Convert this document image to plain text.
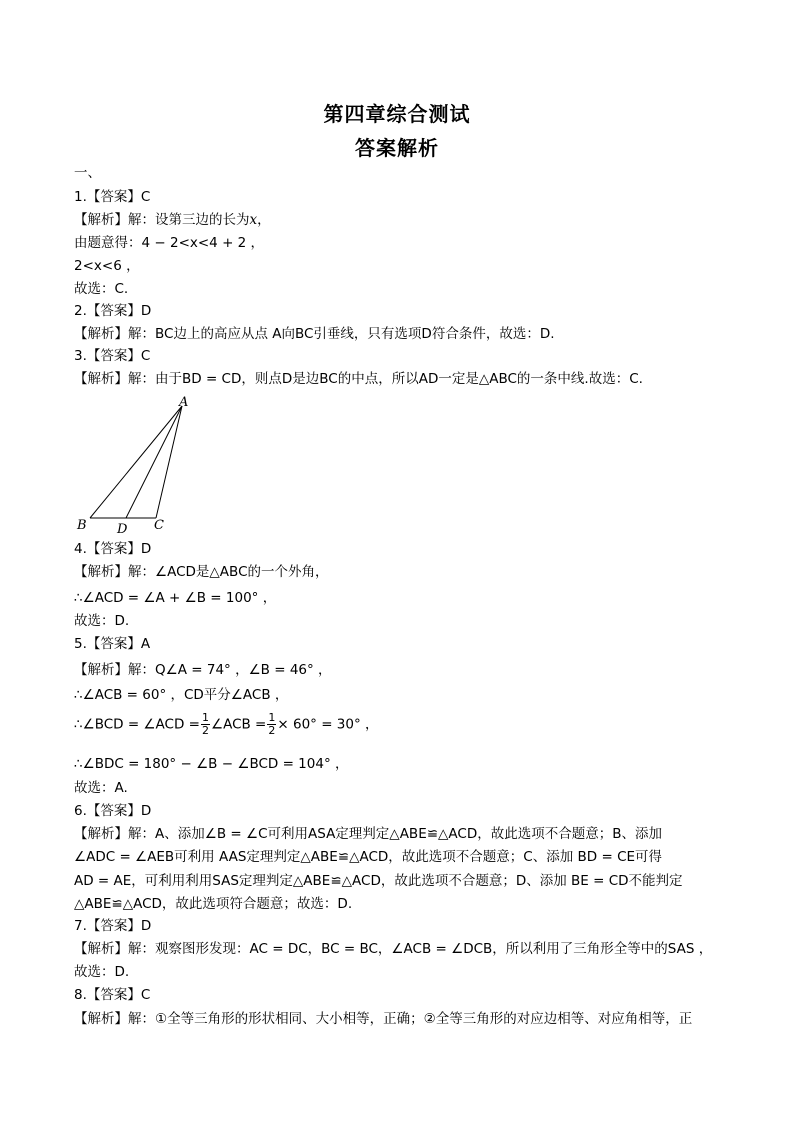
第四章综合测试
答案解析
一、
1.【答案】C
【解析】解：设第三边的长为x，
由题意得：4 − 2<x<4 + 2 ，
2<x<6 ，
故选：C.
2.【答案】D
【解析】解：BC边上的高应从点 A向BC引垂线，只有选项D符合条件，故选：D.
3.【答案】C
【解析】解：由于BD = CD，则点D是边BC的中点，所以AD一定是△ABC的一条中线.故选：C.
A
B D C
4.【答案】D
【解析】解：∠ACD是△ABC的一个外角，
∴∠ACD = ∠A + ∠B = 100° ，
故选：D.
5.【答案】A
【解析】解：Q∠A = 74° ，∠B = 46° ，
∴∠ACB = 60° ，CD平分∠ACB ，
∴∠BCD = ∠ACD = $\frac{1}{2}$ ∠ACB = $\frac{1}{2} \times 60^\circ = 30^\circ$ ，
∴∠BDC = 180° − ∠B − ∠BCD = 104° ，
故选：A.
6.【答案】D
【解析】解：A、添加∠B = ∠C可利用ASA定理判定△ABE≌△ACD，故此选项不合题意；B、添加
∠ADC = ∠AEB可利用 AAS定理判定△ABE≌△ACD，故此选项不合题意；C、添加 BD = CE可得
AD = AE，可利用利用SAS定理判定△ABE≌△ACD，故此选项不合题意；D、添加 BE = CD不能判定
△ABE≌△ACD，故此选项符合题意；故选：D.
7.【答案】D
【解析】解：观察图形发现：AC = DC，BC = BC，∠ACB = ∠DCB，所以利用了三角形全等中的SAS ，
故选：D.
8.【答案】C
【解析】解：①全等三角形的形状相同、大小相等，正确；②全等三角形的对应边相等、对应角相等，正
